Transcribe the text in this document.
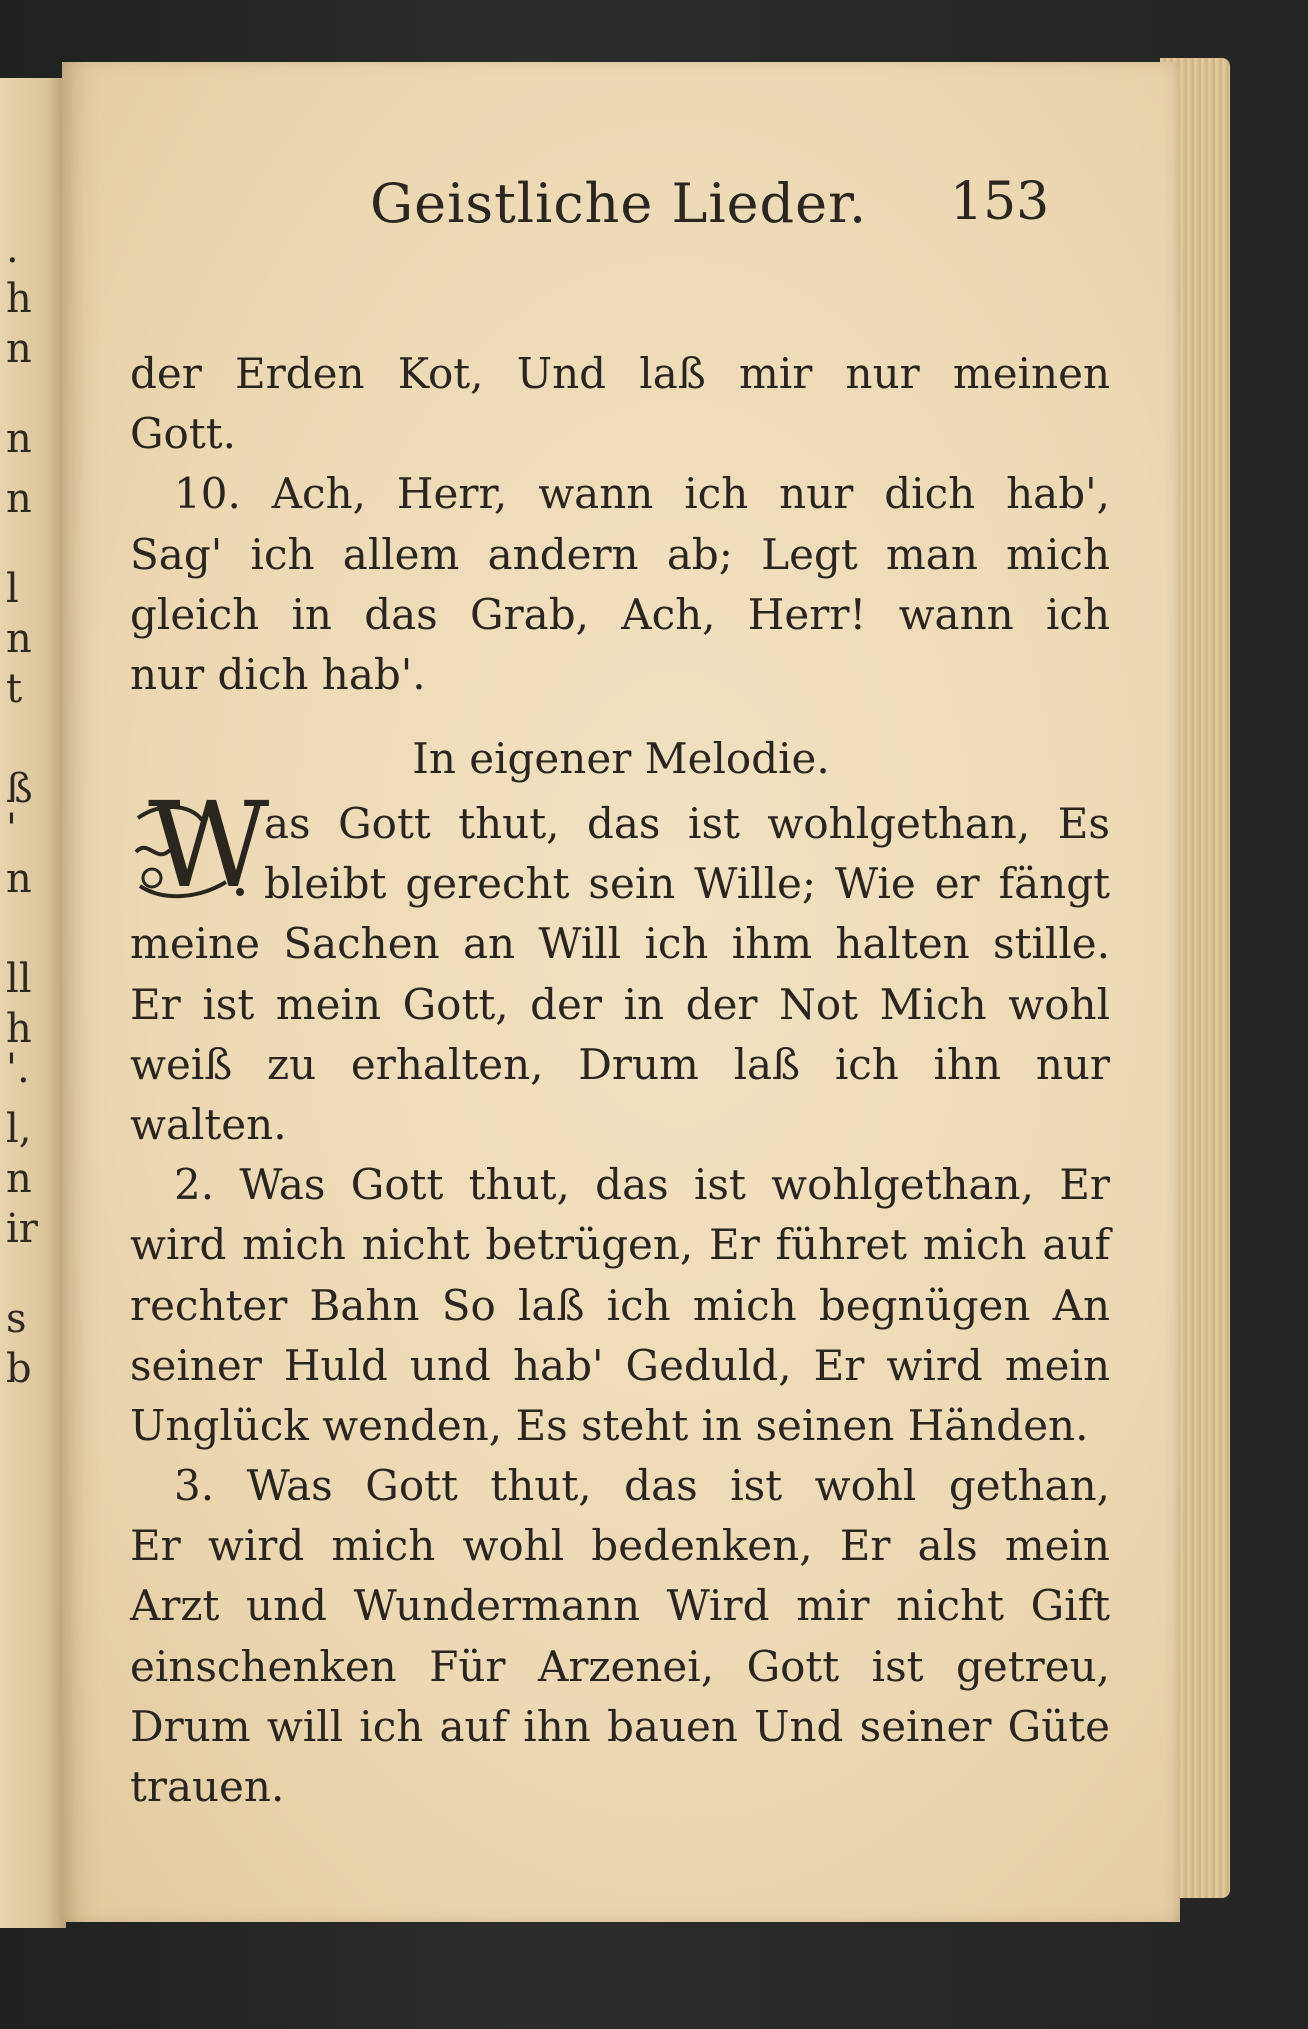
.
h
n
n
n
l
n
t
ß
'
n
ll
h
'.
l,
n
ir
s
b
Geistliche Lieder. 153
der Erden Kot, Und laß mir nur meinen
Gott.
10. Ach, Herr, wann ich nur dich hab',
Sag' ich allem andern ab; Legt man mich
gleich in das Grab, Ach, Herr! wann ich
nur dich hab'.
In eigener Melodie.
W
as Gott thut, das ist wohlgethan, Es
bleibt gerecht sein Wille; Wie er fängt
meine Sachen an Will ich ihm halten stille.
Er ist mein Gott, der in der Not Mich wohl
weiß zu erhalten, Drum laß ich ihn nur
walten.
2. Was Gott thut, das ist wohlgethan, Er
wird mich nicht betrügen, Er führet mich auf
rechter Bahn So laß ich mich begnügen An
seiner Huld und hab' Geduld, Er wird mein
Unglück wenden, Es steht in seinen Händen.
3. Was Gott thut, das ist wohl gethan,
Er wird mich wohl bedenken, Er als mein
Arzt und Wundermann Wird mir nicht Gift
einschenken Für Arzenei, Gott ist getreu,
Drum will ich auf ihn bauen Und seiner Güte
trauen.
